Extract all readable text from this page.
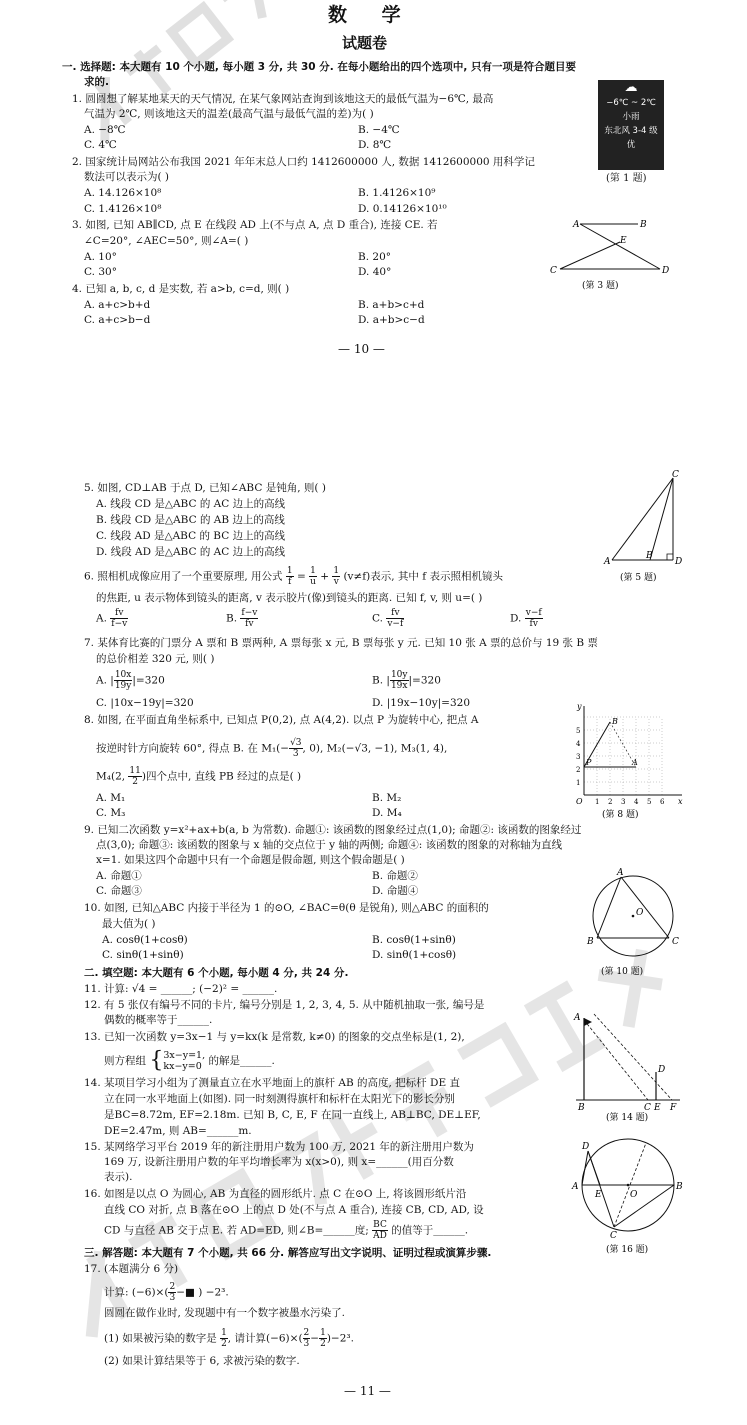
数 学
试题卷
一. 选择题: 本大题有 10 个小题, 每小题 3 分, 共 30 分. 在每小题给出的四个选项中, 只有一项是符合题目要
求的.
1. 圆圆想了解某地某天的天气情况, 在某气象网站查询到该地这天的最低气温为−6℃, 最高
气温为 2℃, 则该地这天的温差(最高气温与最低气温的差)为( )
A. −8℃	B. −4℃
C. 4℃	D. 8℃
☁
−6℃ ~ 2℃
小雨
东北风 3-4 级
优
(第 1 题)
2. 国家统计局网站公布我国 2021 年年末总人口约 1412600000 人, 数据 1412600000 用科学记
数法可以表示为( )
A. 14.126×10⁸	B. 1.4126×10⁹
C. 1.4126×10⁸	D. 0.14126×10¹⁰
3. 如图, 已知 AB∥CD, 点 E 在线段 AD 上(不与点 A, 点 D 重合), 连接 CE. 若
∠C=20°, ∠AEC=50°, 则∠A=( )
A. 10°	B. 20°
C. 30°	D. 40°
A	B
C	D
E
(第 3 题)
4. 已知 a, b, c, d 是实数, 若 a>b, c=d, 则( )
A. a+c>b+d	B. a+b>c+d
C. a+c>b−d	D. a+b>c−d
— 10 —
5. 如图, CD⊥AB 于点 D, 已知∠ABC 是钝角, 则( )
A. 线段 CD 是△ABC 的 AC 边上的高线
B. 线段 CD 是△ABC 的 AB 边上的高线
C. 线段 AD 是△ABC 的 BC 边上的高线
D. 线段 AD 是△ABC 的 AC 边上的高线
A
B
C
D
(第 5 题)
6. 照相机成像应用了一个重要原理, 用公式 $\frac{1}{f} = \frac{1}{u} + \frac{1}{v} (v\ne f)$表示, 其中 f 表示照相机镜头
的焦距, u 表示物体到镜头的距离, v 表示胶片(像)到镜头的距离. 已知 f, v, 则 u=( )
A. $\frac{fv}{f-v}$	B. $\frac{f-v}{fv}$	C. $\frac{fv}{v-f}$	D. $\frac{v-f}{fv}$
7. 某体育比赛的门票分 A 票和 B 票两种, A 票每张 x 元, B 票每张 y 元. 已知 10 张 A 票的总价与 19 张 B 票
的总价相差 320 元, 则( )
A. | $\frac{10x}{19y} |=320$	B. | $\frac{10y}{19x} |=320$
C. |10x−19y|=320	D. |19x−10y|=320
8. 如图, 在平面直角坐标系中, 已知点 P(0,2), 点 A(4,2). 以点 P 为旋转中心, 把点 A
按逆时针方向旋转 60°, 得点 B. 在 $M_1(- \frac{√3}{3}$ , 0), M₂(−√3, −1), M₃(1, 4),
M₄(2, $\frac{11}{2}$ )四个点中, 直线 PB 经过的点是( )
A. M₁	B. M₂
C. M₃	D. M₄
P	A
B
O	x
y
1
1
2
2
3
3
4
4
5
5
6
(第 8 题)
9. 已知二次函数 y=x²+ax+b(a, b 为常数). 命题①: 该函数的图象经过点(1,0); 命题②: 该函数的图象经过
点(3,0); 命题③: 该函数的图象与 x 轴的交点位于 y 轴的两侧; 命题④: 该函数的图象的对称轴为直线
x=1. 如果这四个命题中只有一个命题是假命题, 则这个假命题是( )
A. 命题①	B. 命题②
C. 命题③	D. 命题④
10. 如图, 已知△ABC 内接于半径为 1 的⊙O, ∠BAC=θ(θ 是锐角), 则△ABC 的面积的
最大值为( )
A. cosθ(1+cosθ)	B. cosθ(1+sinθ)
C. sinθ(1+sinθ)	D. sinθ(1+cosθ)
A
B	C
O
(第 10 题)
二. 填空题: 本大题有 6 个小题, 每小题 4 分, 共 24 分.
11. 计算: √4 = ______; (−2)² = ______.
12. 有 5 张仅有编号不同的卡片, 编号分别是 1, 2, 3, 4, 5. 从中随机抽取一张, 编号是
偶数的概率等于______.
13. 已知一次函数 y=3x−1 与 y=kx(k 是常数, k≠0) 的图象的交点坐标是(1, 2),
则方程组 { 3x−y=1,
kx−y=0 的解是______.
14. 某项目学习小组为了测量直立在水平地面上的旗杆 AB 的高度, 把标杆 DE 直
立在同一水平地面上(如图). 同一时刻测得旗杆和标杆在太阳光下的影长分别
是BC=8.72m, EF=2.18m. 已知 B, C, E, F 在同一直线上, AB⊥BC, DE⊥EF,
DE=2.47m, 则 AB=______m.
A
B	C
D
E F
(第 14 题)
15. 某网络学习平台 2019 年的新注册用户数为 100 万, 2021 年的新注册用户数为
169 万, 设新注册用户数的年平均增长率为 x(x>0), 则 x=______(用百分数
表示).
16. 如图是以点 O 为圆心, AB 为直径的圆形纸片. 点 C 在⊙O 上, 将该圆形纸片沿
直线 CO 对折, 点 B 落在⊙O 上的点 D 处(不与点 A 重合), 连接 CB, CD, AD, 设
CD 与直径 AB 交于点 E. 若 AD=ED, 则∠B=______度; $\frac{BC}{AD}$ 的值等于______.
A	B
C
D
E	O
(第 16 题)
三. 解答题: 本大题有 7 个小题, 共 66 分. 解答应写出文字说明、证明过程或演算步骤.
17. (本题满分 6 分)
计算: $(-6)\times( \frac{2}{3}$ −■ ) −2³.
圆圆在做作业时, 发现题中有一个数字被墨水污染了.
(1) 如果被污染的数字是 $\frac{1}{2}$ , 请计算$(-6)\times( \frac{2}{3} - \frac{1}{2} )-2^3$.
(2) 如果计算结果等于 6, 求被污染的数字.
— 11 —
